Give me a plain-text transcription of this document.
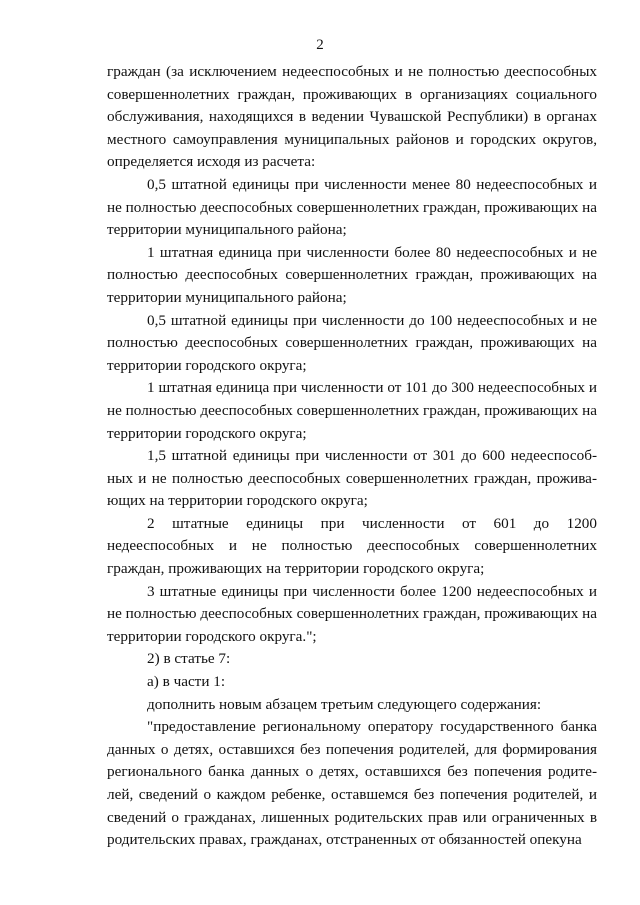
2

граждан (за исключением недееспособных и не полностью дееспособных совершеннолетних граждан, проживающих в организациях социального обслуживания, находящихся в ведении Чувашской Республики) в органах местного самоуправления муниципальных районов и городских округов, определяется исходя из расчета:

0,5 штатной единицы при численности менее 80 недееспособных и не полностью дееспособных совершеннолетних граждан, проживающих на территории муниципального района;

1 штатная единица при численности более 80 недееспособных и не полностью дееспособных совершеннолетних граждан, проживающих на территории муниципального района;

0,5 штатной единицы при численности до 100 недееспособных и не полностью дееспособных совершеннолетних граждан, проживающих на территории городского округа;

1 штатная единица при численности от 101 до 300 недееспособных и не полностью дееспособных совершеннолетних граждан, проживающих на территории городского округа;

1,5 штатной единицы при численности от 301 до 600 недееспособных и не полностью дееспособных совершеннолетних граждан, проживающих на территории городского округа;

2 штатные единицы при численности от 601 до 1200 недееспособных и не полностью дееспособных совершеннолетних граждан, проживающих на территории городского округа;

3 штатные единицы при численности более 1200 недееспособных и не полностью дееспособных совершеннолетних граждан, проживающих на территории городского округа.";

2) в статье 7:

а) в части 1:

дополнить новым абзацем третьим следующего содержания:

"предоставление региональному оператору государственного банка данных о детях, оставшихся без попечения родителей, для формирования регионального банка данных о детях, оставшихся без попечения родителей, сведений о каждом ребенке, оставшемся без попечения родителей, и сведений о гражданах, лишенных родительских прав или ограниченных в родительских правах, гражданах, отстраненных от обязанностей опекуна
